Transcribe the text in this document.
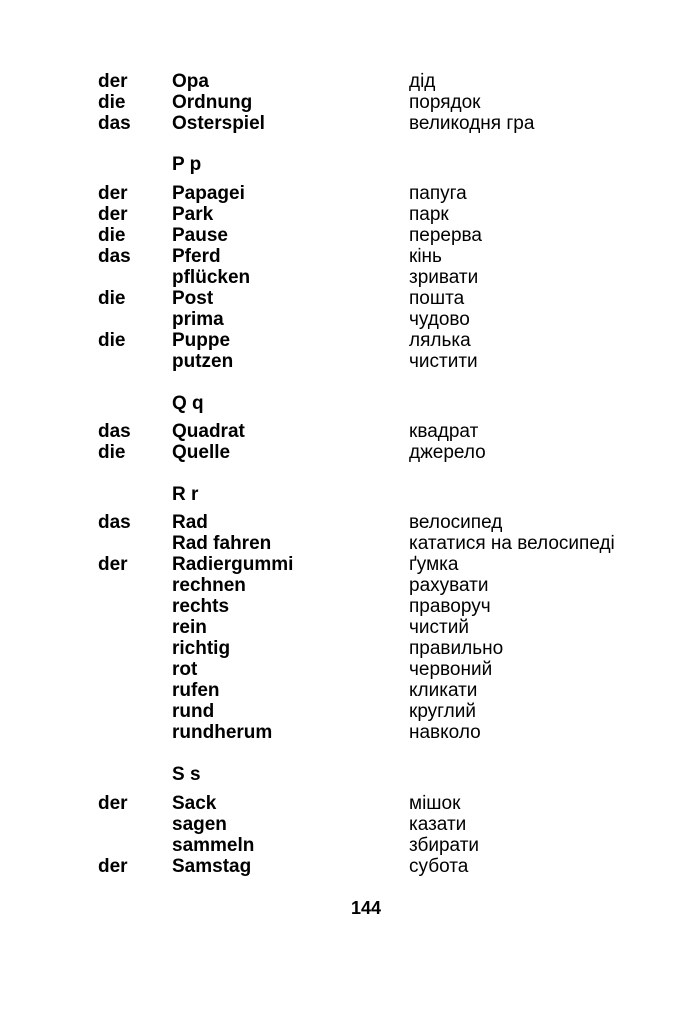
der Opa	дід
die Ordnung	порядок
das Osterspiel	великодня гра
P p
der Papagei	папуга
der Park	парк
die Pause	перерва
das Pferd	кінь
pflücken	зривати
die Post	пошта
prima	чудово
die Puppe	лялька
putzen	чистити
Q q
das Quadrat	квадрат
die Quelle	джерело
R r
das Rad	велосипед
Rad fahren	кататися на велосипеді
der Radiergummi	ґумка
rechnen	рахувати
rechts	праворуч
rein	чистий
richtig	правильно
rot	червоний
rufen	кликати
rund	круглий
rundherum	навколо
S s
der Sack	мішок
sagen	казати
sammeln	збирати
der Samstag	субота
144
